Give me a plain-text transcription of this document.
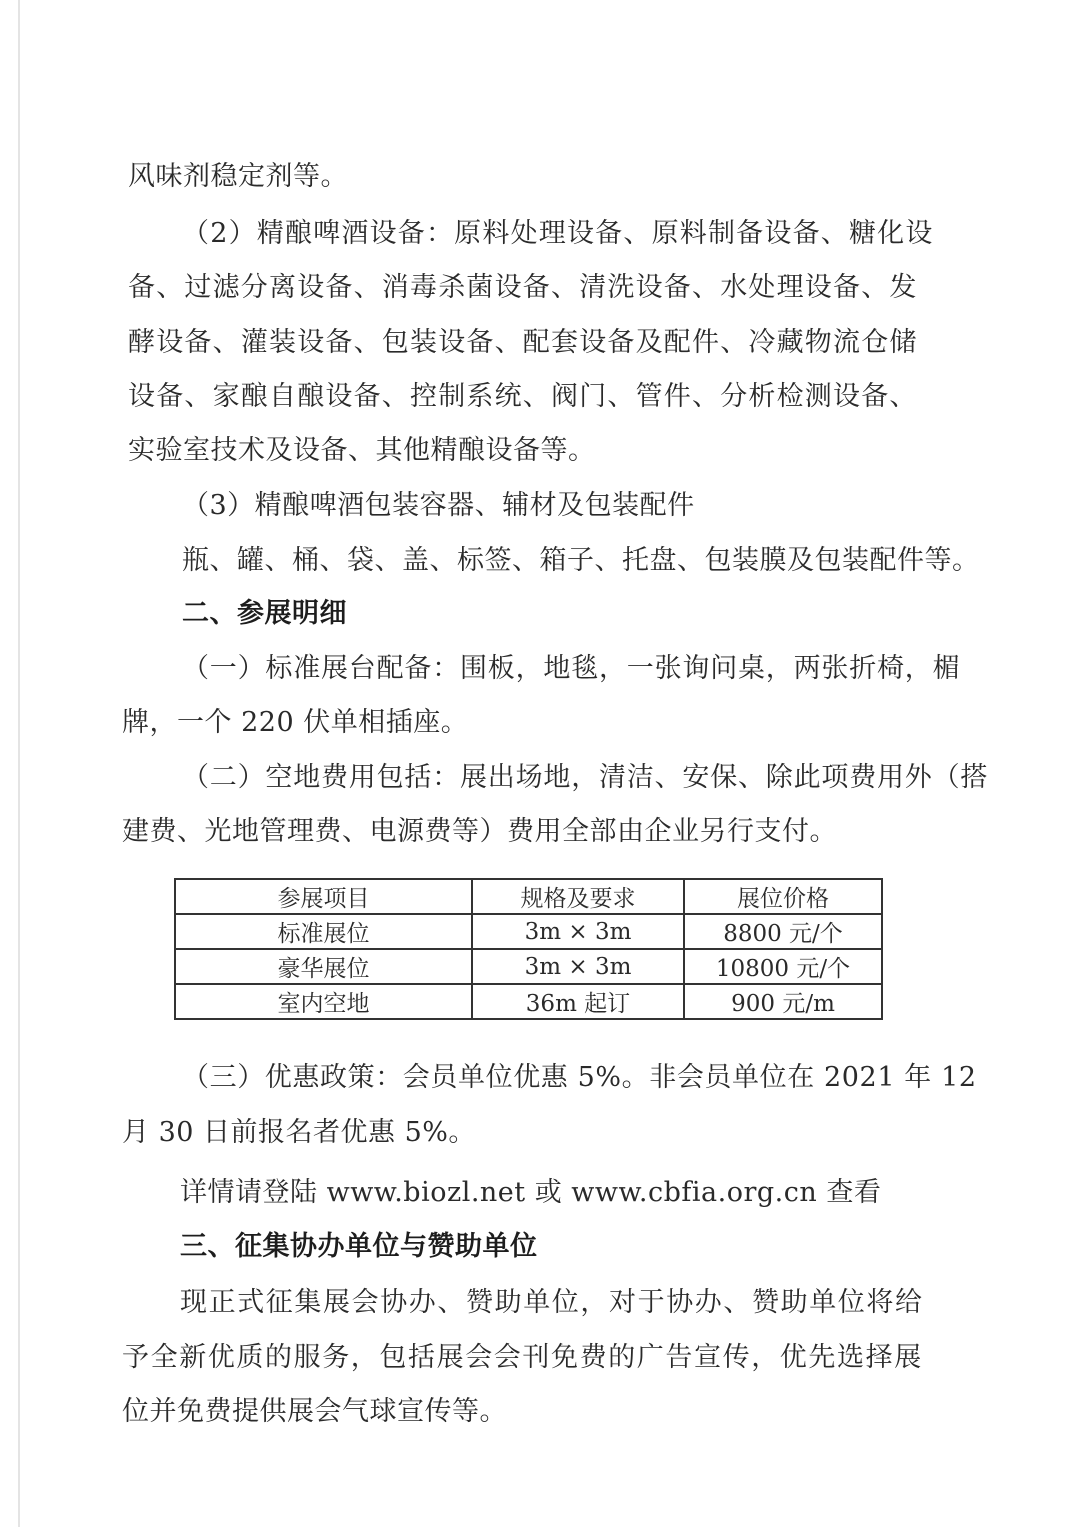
风味剂稳定剂等。
（2）精酿啤酒设备：原料处理设备、原料制备设备、糖化设
备、过滤分离设备、消毒杀菌设备、清洗设备、水处理设备、发
酵设备、灌装设备、包装设备、配套设备及配件、冷藏物流仓储
设备、家酿自酿设备、控制系统、阀门、管件、分析检测设备、
实验室技术及设备、其他精酿设备等。
（3）精酿啤酒包装容器、辅材及包装配件
瓶、罐、桶、袋、盖、标签、箱子、托盘、包装膜及包装配件等。
二、参展明细
（一）标准展台配备：围板，地毯，一张询问桌，两张折椅，楣
牌，一个 220 伏单相插座。
（二）空地费用包括：展出场地，清洁、安保、除此项费用外（搭
建费、光地管理费、电源费等）费用全部由企业另行支付。
参展项目	规格及要求	展位价格
标准展位	3m × 3m	8800 元/个
豪华展位	3m × 3m	10800 元/个
室内空地	36m 起订	900 元/m
（三）优惠政策：会员单位优惠 5%。非会员单位在 2021 年 12
月 30 日前报名者优惠 5%。
详情请登陆 www.biozl.net 或 www.cbfia.org.cn 查看
三、征集协办单位与赞助单位
现正式征集展会协办、赞助单位，对于协办、赞助单位将给
予全新优质的服务，包括展会会刊免费的广告宣传，优先选择展
位并免费提供展会气球宣传等。
